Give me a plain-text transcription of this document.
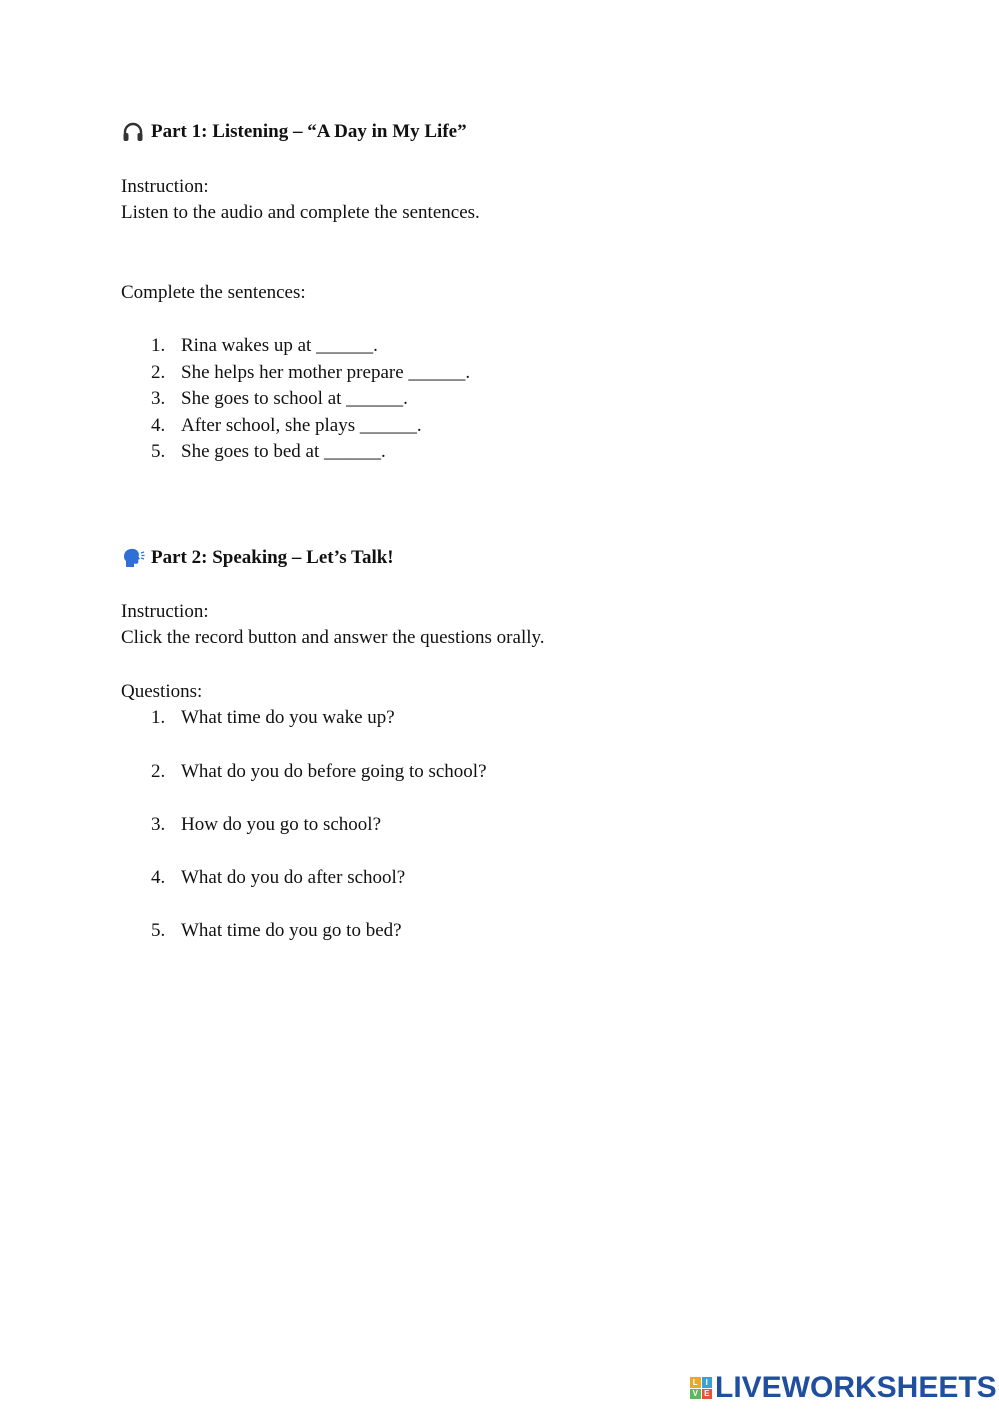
Part 1: Listening – “A Day in My Life”
Instruction:
Listen to the audio and complete the sentences.
Complete the sentences:
1. Rina wakes up at ______.
2. She helps her mother prepare ______.
3. She goes to school at ______.
4. After school, she plays ______.
5. She goes to bed at ______.
Part 2: Speaking – Let’s Talk!
Instruction:
Click the record button and answer the questions orally.
Questions:
1. What time do you wake up?
2. What do you do before going to school?
3. How do you go to school?
4. What do you do after school?
5. What time do you go to bed?
L I
V E LIVEWORKSHEETS
